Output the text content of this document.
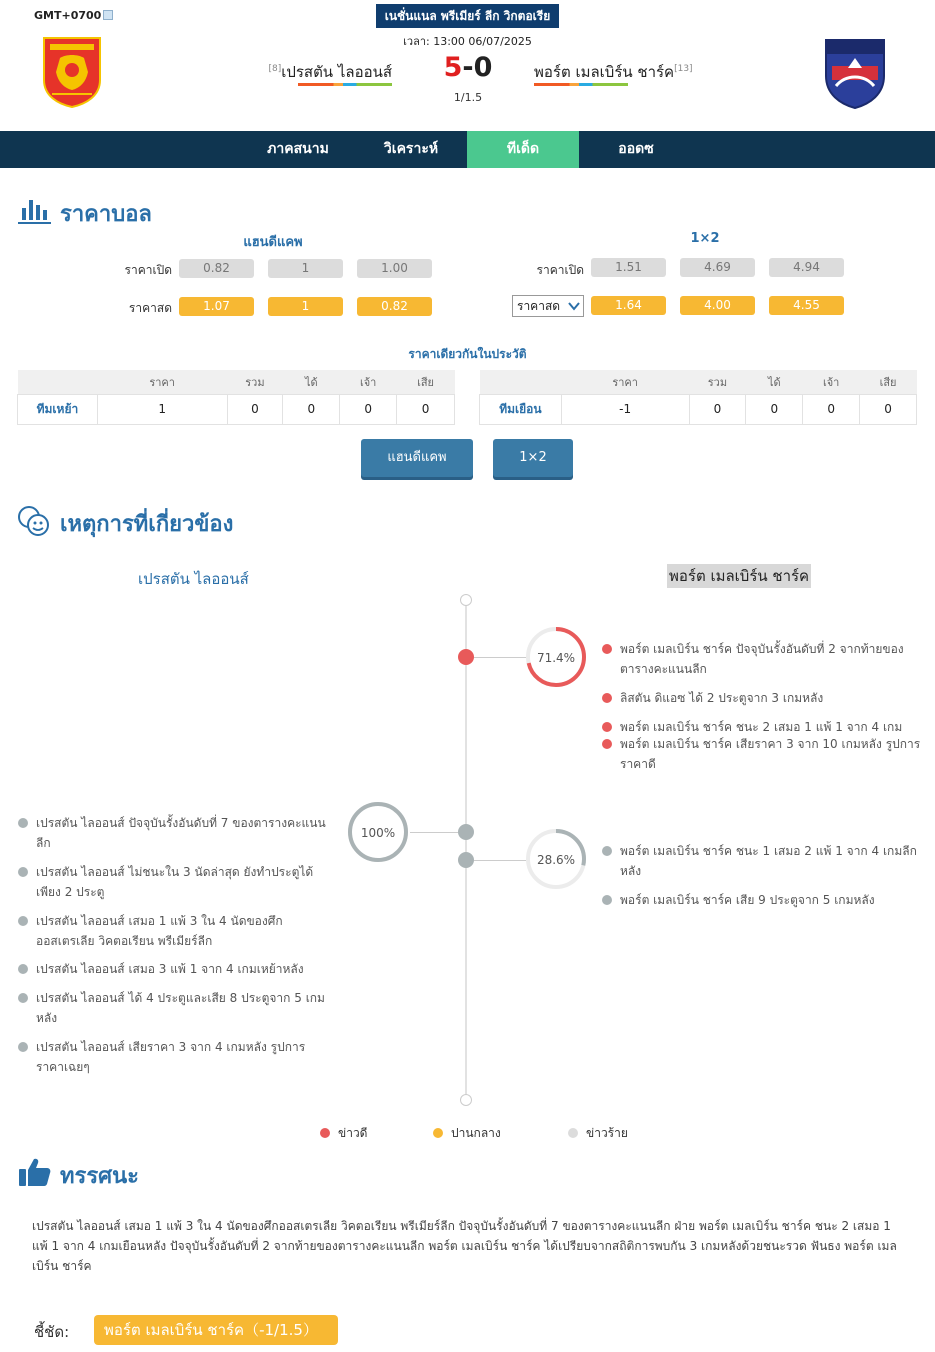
GMT+0700	เนชั่นแนล พรีเมียร์ ลีก วิกตอเรีย
เวลา: 13:00 06/07/2025
[8]เปรสตัน ไลออนส์	5-0
1/1.5
พอร์ต เมลเบิร์น ชาร์ค[13]
ภาคสนาม	วิเคราะห์	ทีเด็ด	ออดซ
ราคาบอล
แฮนดีแคพ	1×2
ราคาเปิด	0.82	1	1.00
ราคาสด	1.07	1	0.82
ราคาเปิด	1.51	4.69	4.94
ราคาสด	1.64	4.00	4.55
ราคาเดียวกันในประวัติ
	ราคา	รวม	ได้	เจ้า	เสีย
ทีมเหย้า	1	0	0	0	0
	ราคา	รวม	ได้	เจ้า	เสีย
ทีมเยือน	-1	0	0	0	0
แฮนดีแคพ	1×2
เหตุการที่เกี่ยวข้อง
เปรสตัน ไลออนส์	พอร์ต เมลเบิร์น ชาร์ค
71.4%
100%
28.6%
พอร์ต เมลเบิร์น ชาร์ค ปัจจุบันรั้งอันดับที่ 2 จากท้ายของตารางคะแนนลีก
ลิสตัน ดิแอซ ได้ 2 ประตูจาก 3 เกมหลัง
พอร์ต เมลเบิร์น ชาร์ค ชนะ 2 เสมอ 1 แพ้ 1 จาก 4 เกม
พอร์ต เมลเบิร์น ชาร์ค เสียราคา 3 จาก 10 เกมหลัง รูปการราคาดี
พอร์ต เมลเบิร์น ชาร์ค ชนะ 1 เสมอ 2 แพ้ 1 จาก 4 เกมลีกหลัง
พอร์ต เมลเบิร์น ชาร์ค เสีย 9 ประตูจาก 5 เกมหลัง
เปรสตัน ไลออนส์ ปัจจุบันรั้งอันดับที่ 7 ของตารางคะแนนลีก
เปรสตัน ไลออนส์ ไม่ชนะใน 3 นัดล่าสุด ยังทำประตูได้เพียง 2 ประตู
เปรสตัน ไลออนส์ เสมอ 1 แพ้ 3 ใน 4 นัดของศึกออสเตรเลีย วิคตอเรียน พรีเมียร์ลีก
เปรสตัน ไลออนส์ เสมอ 3 แพ้ 1 จาก 4 เกมเหย้าหลัง
เปรสตัน ไลออนส์ ได้ 4 ประตูและเสีย 8 ประตูจาก 5 เกมหลัง
เปรสตัน ไลออนส์ เสียราคา 3 จาก 4 เกมหลัง รูปการราคาเฉยๆ
ข่าวดี	ปานกลาง	ข่าวร้าย
ทรรศนะ
เปรสตัน ไลออนส์ เสมอ 1 แพ้ 3 ใน 4 นัดของศึกออสเตรเลีย วิคตอเรียน พรีเมียร์ลีก ปัจจุบันรั้งอันดับที่ 7 ของตารางคะแนนลีก ฝ่าย พอร์ต เมลเบิร์น ชาร์ค ชนะ 2 เสมอ 1 แพ้ 1 จาก 4 เกมเยือนหลัง ปัจจุบันรั้งอันดับที่ 2 จากท้ายของตารางคะแนนลีก พอร์ต เมลเบิร์น ชาร์ค ได้เปรียบจากสถิติการพบกัน 3 เกมหลังด้วยชนะรวด ฟันธง พอร์ต เมลเบิร์น ชาร์ค
ชี้ชัด:	พอร์ต เมลเบิร์น ชาร์ค（-1/1.5）
